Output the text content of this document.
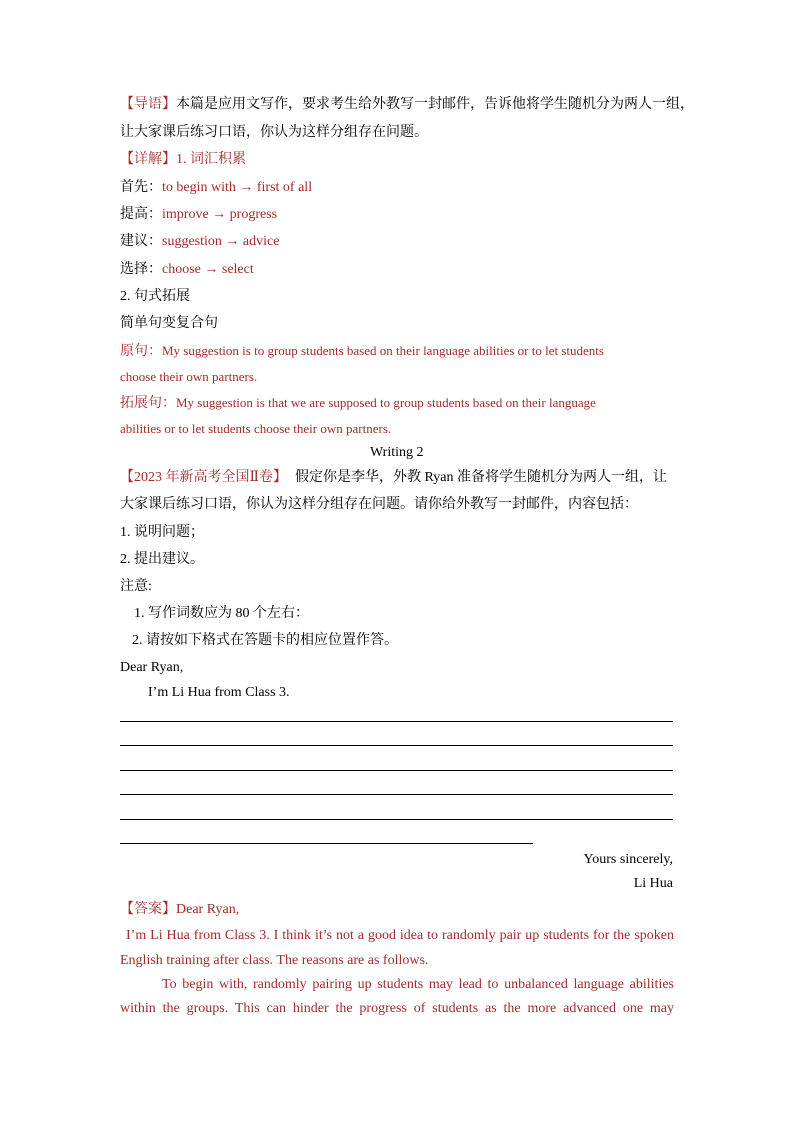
【导语】本篇是应用文写作，要求考生给外教写一封邮件，告诉他将学生随机分为两人一组，
让大家课后练习口语，你认为这样分组存在问题。
【详解】1. 词汇积累
首先：to begin with → first of all
提高：improve → progress
建议：suggestion → advice
选择：choose → select
2. 句式拓展
简单句变复合句
原句：My suggestion is to group students based on their language abilities or to let students
choose their own partners.
拓展句：My suggestion is that we are supposed to group students based on their language
abilities or to let students choose their own partners.
Writing 2
【2023 年新高考全国Ⅱ卷】 假定你是李华，外教 Ryan 准备将学生随机分为两人一组，让
大家课后练习口语，你认为这样分组存在问题。请你给外教写一封邮件，内容包括：
1. 说明问题；
2. 提出建议。
注意:
1. 写作词数应为 80 个左右：
2. 请按如下格式在答题卡的相应位置作答。
Dear Ryan,
I’m Li Hua from Class 3.
Yours sincerely,
Li Hua
【答案】Dear Ryan,
I’m Li Hua from Class 3. I think it’s not a good idea to randomly pair up students for the spoken
English training after class. The reasons are as follows.
To begin with, randomly pairing up students may lead to unbalanced language abilities
within the groups. This can hinder the progress of students as the more advanced one may
